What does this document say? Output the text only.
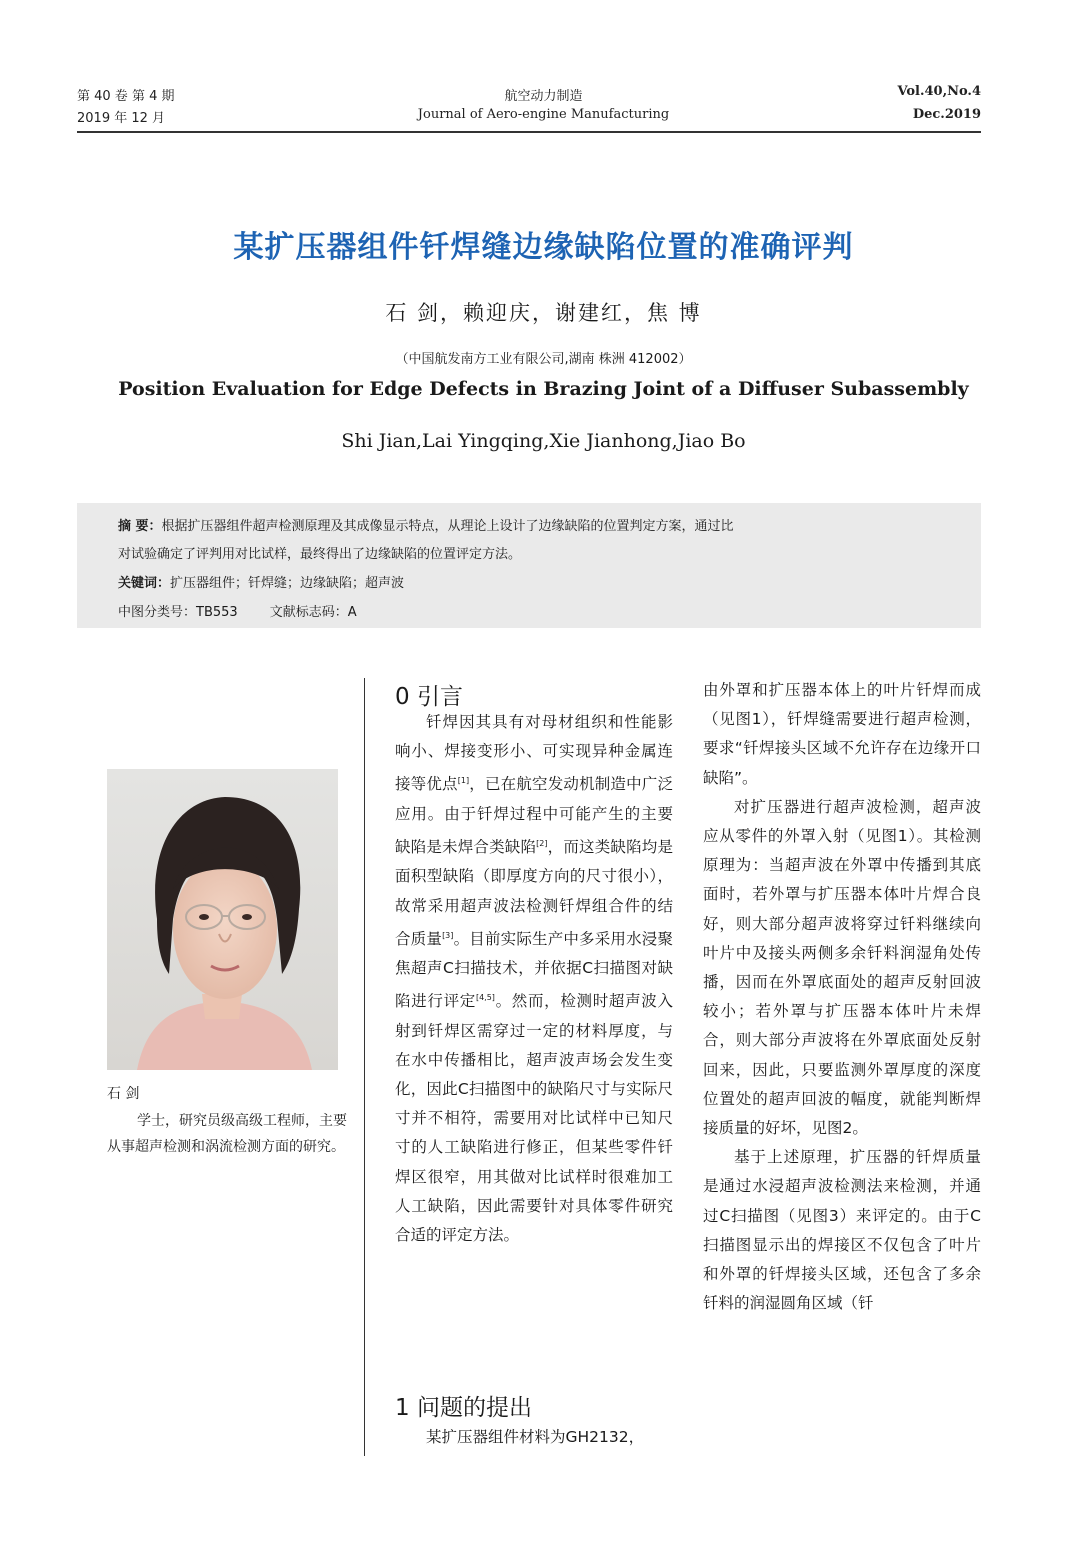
第 40 卷 第 4 期
2019 年 12 月
航空动力制造
Journal of Aero-engine Manufacturing
Vol.40,No.4
Dec.2019
某扩压器组件钎焊缝边缘缺陷位置的准确评判
石 剑，赖迎庆，谢建红，焦 博
（中国航发南方工业有限公司,湖南 株洲 412002）
Position Evaluation for Edge Defects in Brazing Joint of a Diffuser Subassembly
Shi Jian,Lai Yingqing,Xie Jianhong,Jiao Bo
摘 要：根据扩压器组件超声检测原理及其成像显示特点，从理论上设计了边缘缺陷的位置判定方案，通过比
对试验确定了评判用对比试样，最终得出了边缘缺陷的位置评定方法。
关键词：扩压器组件；钎焊缝；边缘缺陷；超声波
中图分类号：TB553 文献标志码：A
石 剑
学士，研究员级高级工程师，主要从事超声检测和涡流检测方面的研究。
0 引言
钎焊因其具有对母材组织和性能影响小、焊接变形小、可实现异种金属连接等优点[1]，已在航空发动机制造中广泛应用。由于钎焊过程中可能产生的主要缺陷是未焊合类缺陷[2]，而这类缺陷均是面积型缺陷（即厚度方向的尺寸很小），故常采用超声波法检测钎焊组合件的结合质量[3]。目前实际生产中多采用水浸聚焦超声C扫描技术，并依据C扫描图对缺陷进行评定[4,5]。然而，检测时超声波入射到钎焊区需穿过一定的材料厚度，与在水中传播相比，超声波声场会发生变化，因此C扫描图中的缺陷尺寸与实际尺寸并不相符，需要用对比试样中已知尺寸的人工缺陷进行修正，但某些零件钎焊区很窄，用其做对比试样时很难加工人工缺陷，因此需要针对具体零件研究合适的评定方法。
1 问题的提出
某扩压器组件材料为GH2132，
由外罩和扩压器本体上的叶片钎焊而成（见图1），钎焊缝需要进行超声检测，要求“钎焊接头区域不允许存在边缘开口缺陷”。
对扩压器进行超声波检测，超声波应从零件的外罩入射（见图1）。其检测原理为：当超声波在外罩中传播到其底面时，若外罩与扩压器本体叶片焊合良好，则大部分超声波将穿过钎料继续向叶片中及接头两侧多余钎料润湿角处传播，因而在外罩底面处的超声反射回波较小；若外罩与扩压器本体叶片未焊合，则大部分声波将在外罩底面处反射回来，因此，只要监测外罩厚度的深度位置处的超声回波的幅度，就能判断焊接质量的好坏，见图2。
基于上述原理，扩压器的钎焊质量是通过水浸超声波检测法来检测，并通过C扫描图（见图3）来评定的。由于C扫描图显示出的焊接区不仅包含了叶片和外罩的钎焊接头区域，还包含了多余钎料的润湿圆角区域（钎
